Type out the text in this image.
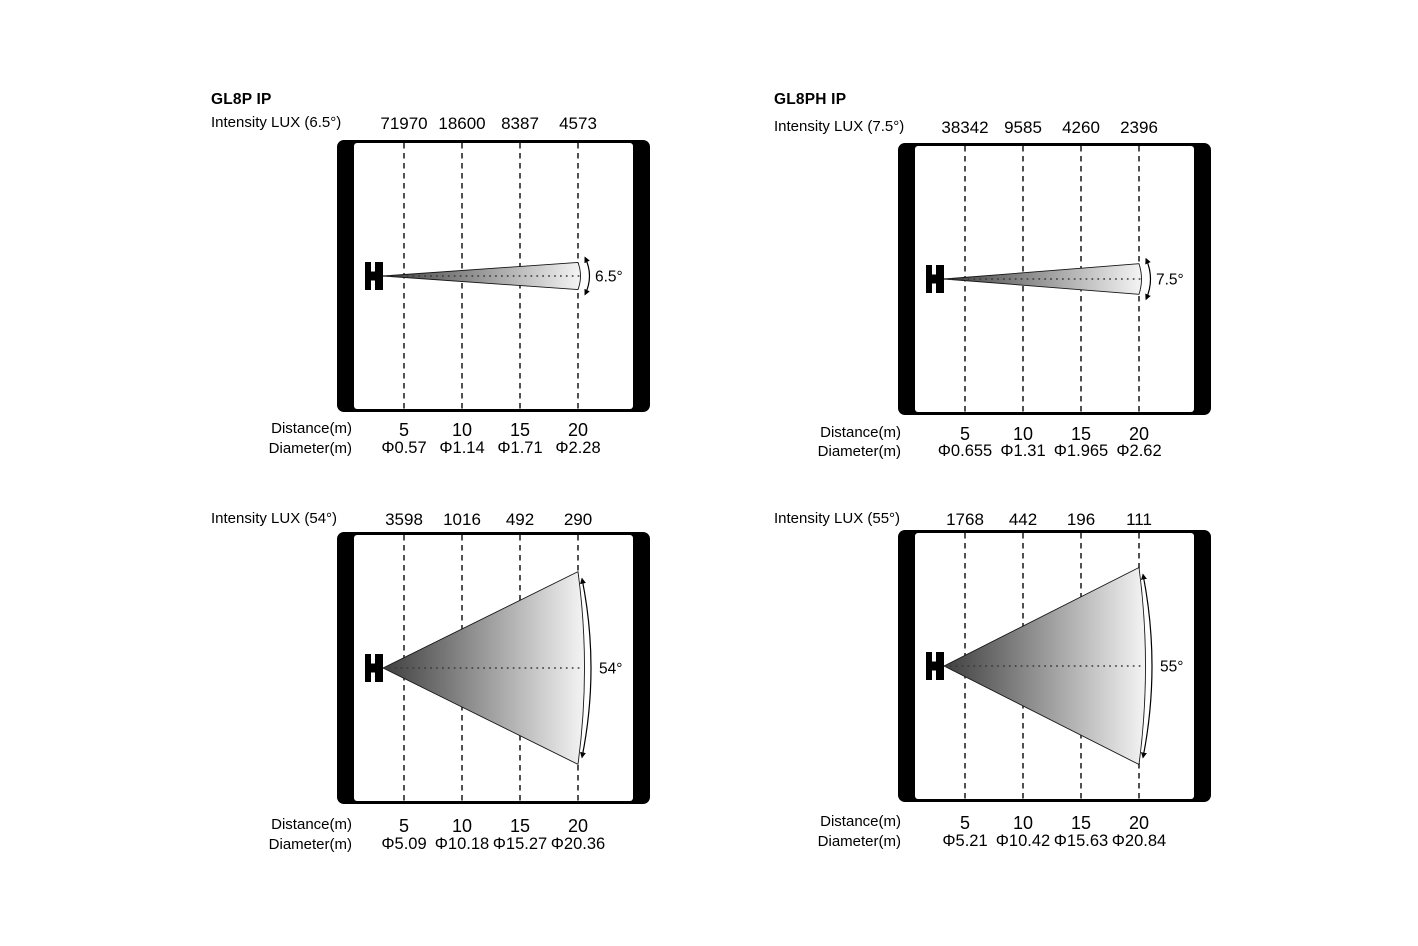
GL8P IP
Intensity LUX (6.5°)	71970 18600 8387	4573
6.5°
Distance(m)	5	10	15	20
Diameter(m)	Φ0.57 Φ1.14 Φ1.71 Φ2.28
GL8PH IP
Intensity LUX (7.5°)	38342 9585	4260	2396
7.5°
Distance(m)	5	10	15	20
Diameter(m) Φ0.655 Φ1.31 Φ1.965 Φ2.62
Intensity LUX (54°)	3598	1016	492	290
54°
Distance(m)	5	10	15	20
Diameter(m)	Φ5.09 Φ10.18 Φ15.27 Φ20.36
Intensity LUX (55°)	1768	442	196	111
55°
Distance(m)	5	10	15	20
Diameter(m)	Φ5.21 Φ10.42 Φ15.63 Φ20.84
